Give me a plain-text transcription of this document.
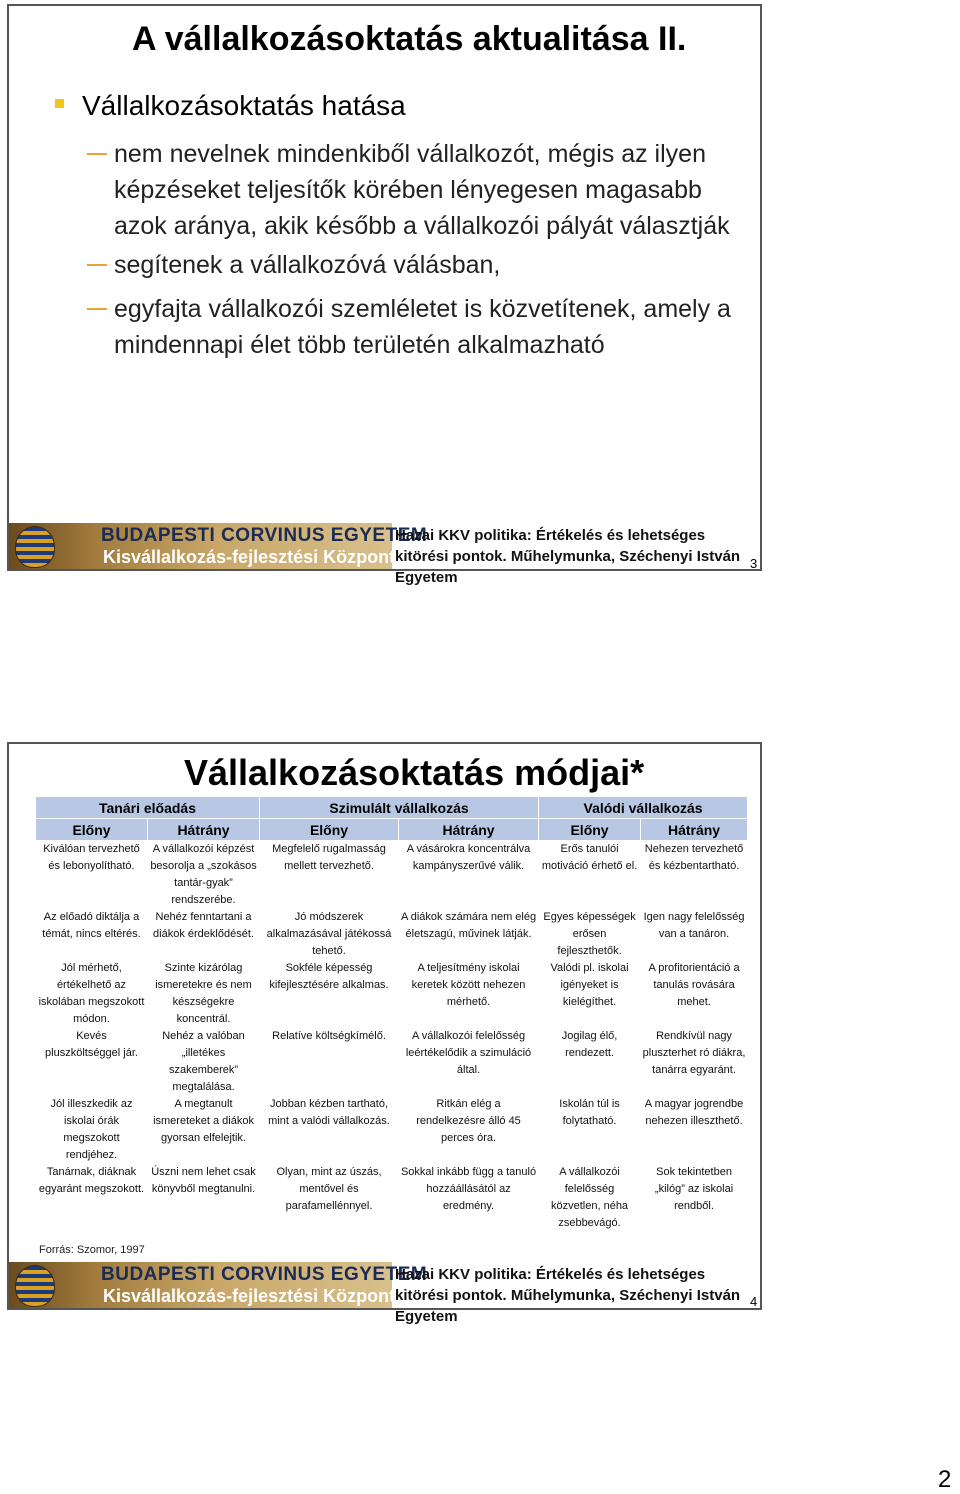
A vállalkozásoktatás aktualitása II.
Vállalkozásoktatás hatása
nem nevelnek mindenkiből vállalkozót, mégis az ilyen képzéseket teljesítők körében lényegesen magasabb azok aránya, akik később a vállalkozói pályát választják
segítenek a vállalkozóvá válásban,
egyfajta vállalkozói szemléletet is közvetítenek, amely a mindennapi élet több területén alkalmazható
BUDAPESTI CORVINUS EGYETEM
Kisvállalkozás-fejlesztési Központ
Hazai KKV politika: Értékelés és lehetséges kitörési pontok. Műhelymunka, Széchenyi István Egyetem
3
Vállalkozásoktatás módjai*
Tanári előadás		Szimulált vállalkozás		Valódi vállalkozás	
Előny	Hátrány	Előny	Hátrány	Előny	Hátrány
Kiválóan tervezhető és lebonyolítható.	A vállalkozói képzést besorolja a „szokásos tantár-gyak” rendszerébe.	Megfelelő rugalmasság mellett tervezhető.	A vásárokra koncentrálva kampányszerűvé válik.	Erős tanulói motiváció érhető el.	Nehezen tervezhető és kézbentartható.
Az előadó diktálja a témát, nincs eltérés.	Nehéz fenntartani a diákok érdeklődését.	Jó módszerek alkalmazásával játékossá tehető.	A diákok számára nem elég életszagú, művinek látják.	Egyes képességek erősen fejleszthetők.	Igen nagy felelősség van a tanáron.
Jól mérhető, értékelhető az iskolában megszokott módon.	Szinte kizárólag ismeretekre és nem készségekre koncentrál.	Sokféle képesség kifejlesztésére alkalmas.	A teljesítmény iskolai keretek között nehezen mérhető.	Valódi pl. iskolai igényeket is kielégíthet.	A profitorientáció a tanulás rovására mehet.
Kevés pluszköltséggel jár.	Nehéz a valóban „illetékes szakemberek” megtalálása.	Relatíve költségkímélő.	A vállalkozói felelősség leértékelődik a szimuláció által.	Jogilag élő, rendezett.	Rendkívül nagy pluszterhet ró diákra, tanárra egyaránt.
Jól illeszkedik az iskolai órák megszokott rendjéhez.	A megtanult ismereteket a diákok gyorsan elfelejtik.	Jobban kézben tartható, mint a valódi vállalkozás.	Ritkán elég a rendelkezésre álló 45 perces óra.	Iskolán túl is folytatható.	A magyar jogrendbe nehezen illeszthető.
Tanárnak, diáknak egyaránt megszokott.	Úszni nem lehet csak könyvből megtanulni.	Olyan, mint az úszás, mentővel és parafamellénnyel.	Sokkal inkább függ a tanuló hozzáállásától az eredmény.	A vállalkozói felelősség közvetlen, néha zsebbevágó.	Sok tekintetben „kilóg” az iskolai rendből.
Forrás: Szomor, 1997
BUDAPESTI CORVINUS EGYETEM
Kisvállalkozás-fejlesztési Központ
Hazai KKV politika: Értékelés és lehetséges kitörési pontok. Műhelymunka, Széchenyi István Egyetem
4
2
